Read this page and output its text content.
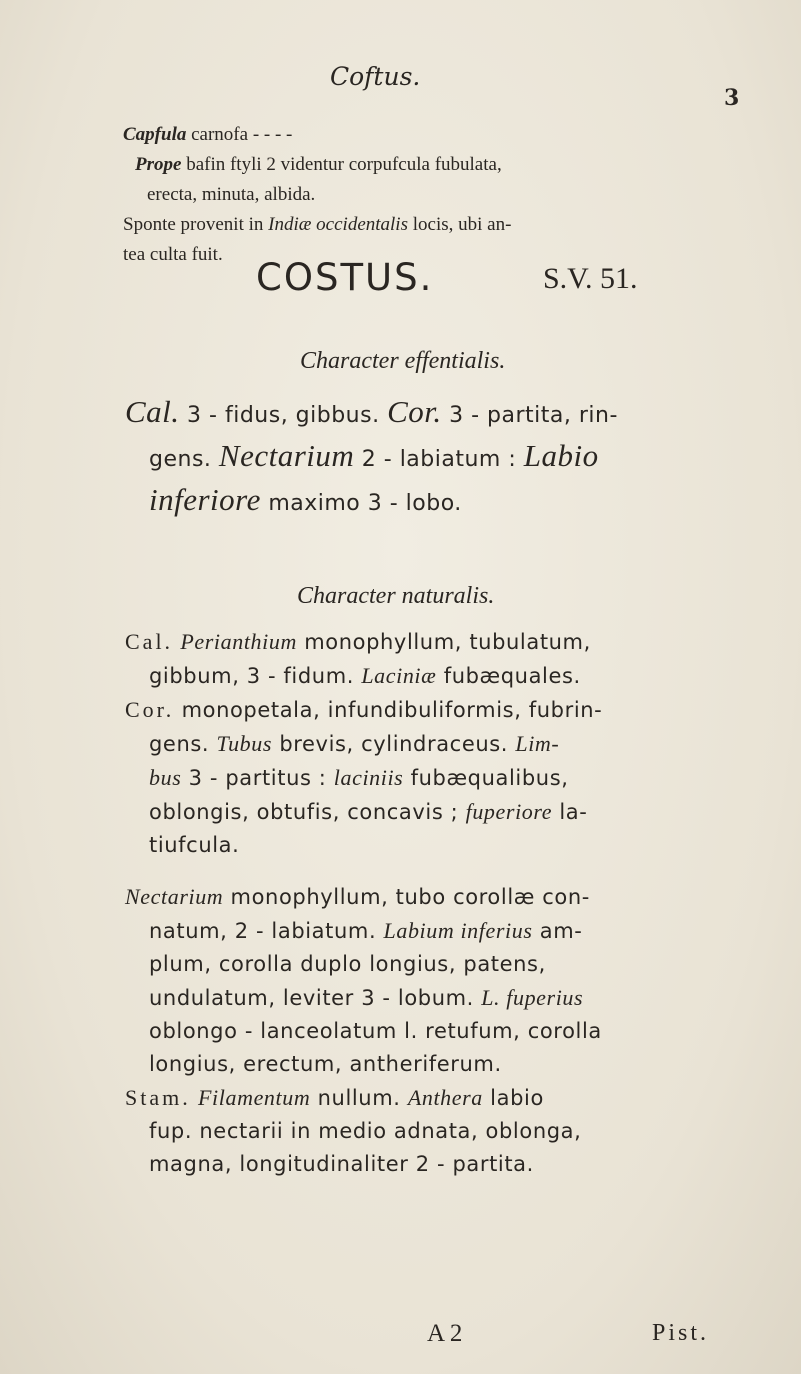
Coftus.
3
Capfula carnofa - - - -
Prope bafin ftyli 2 videntur corpufcula fubulata,
erecta, minuta, albida.
Sponte provenit in Indiæ occidentalis locis, ubi an-
tea culta fuit.
COSTUS.	S.V. 51.
Character effentialis.
Cal. 3 - fidus, gibbus. Cor. 3 - partita, rin-
gens. Nectarium 2 - labiatum : Labio
inferiore maximo 3 - lobo.
Character naturalis.
Cal. Perianthium monophyllum, tubulatum,
gibbum, 3 - fidum. Laciniæ fubæquales.
Cor. monopetala, infundibuliformis, fubrin-
gens. Tubus brevis, cylindraceus. Lim-
bus 3 - partitus : laciniis fubæqualibus,
oblongis, obtufis, concavis ; fuperiore la-
tiufcula.
Nectarium monophyllum, tubo corollæ con-
natum, 2 - labiatum. Labium inferius am-
plum, corolla duplo longius, patens,
undulatum, leviter 3 - lobum. L. fuperius
oblongo - lanceolatum l. retufum, corolla
longius, erectum, antheriferum.
Stam. Filamentum nullum. Anthera labio
fup. nectarii in medio adnata, oblonga,
magna, longitudinaliter 2 - partita.
A 2	Pist.
